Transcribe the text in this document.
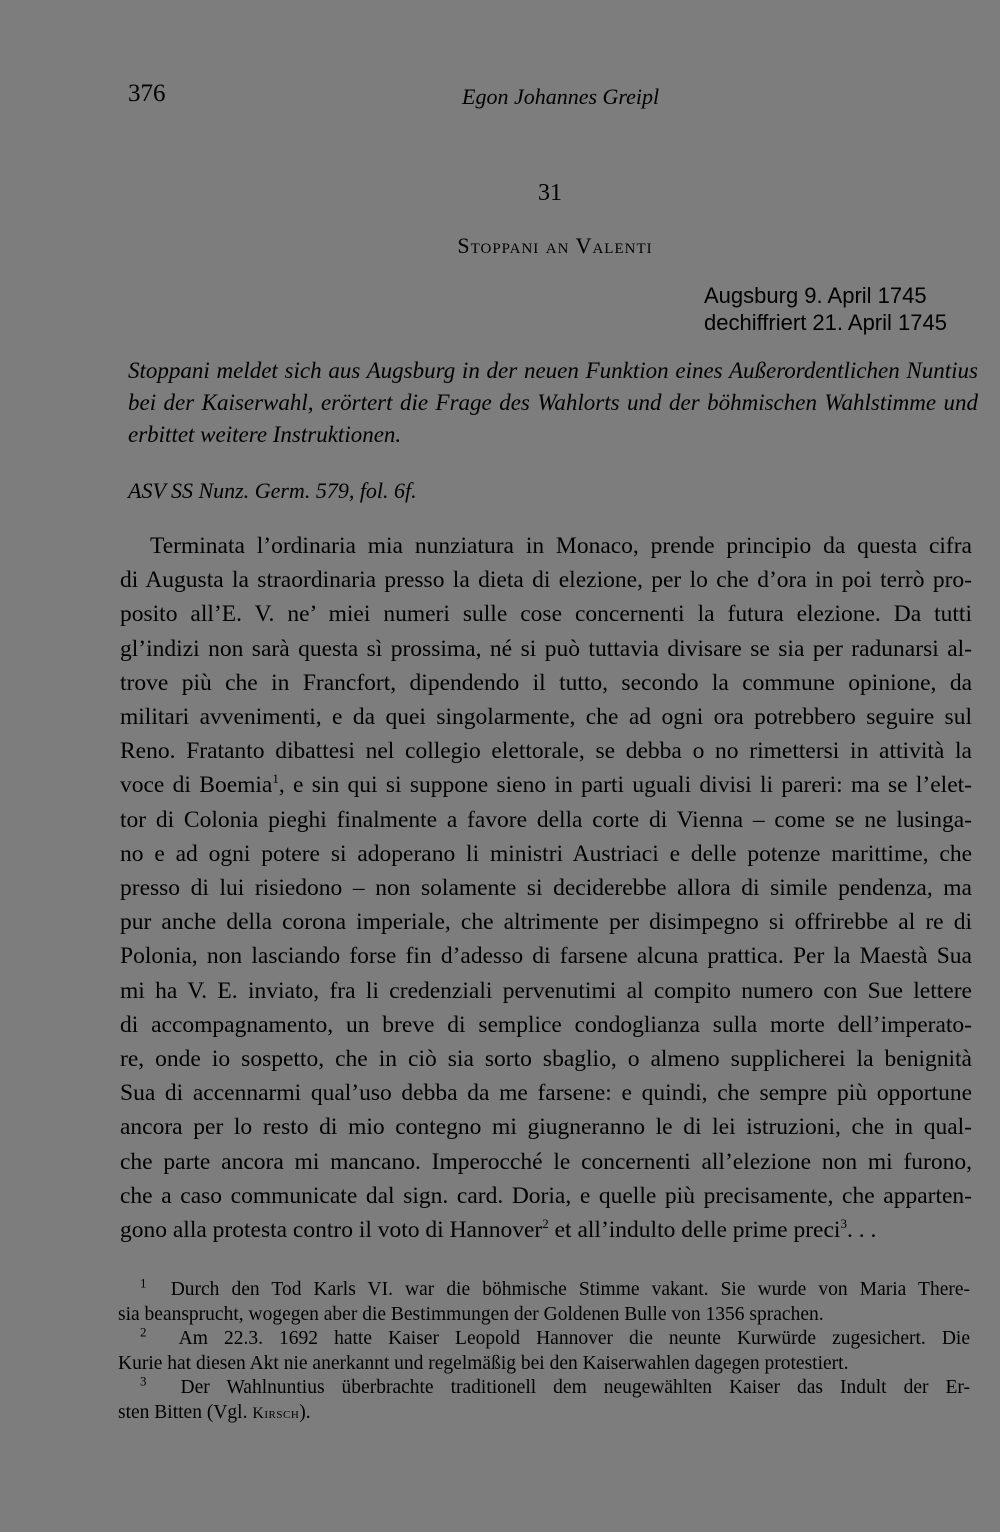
376	Egon Johannes Greipl
31
Stoppani an Valenti
Augsburg 9. April 1745
dechiffriert 21. April 1745
Stoppani meldet sich aus Augsburg in der neuen Funktion eines Außerordentlichen Nuntius bei der Kaiserwahl, erörtert die Frage des Wahlorts und der böhmischen Wahlstimme und erbittet weitere Instruktionen.
ASV SS Nunz. Germ. 579, fol. 6f.
Terminata l’ordinaria mia nunziatura in Monaco, prende principio da questa cifra
di Augusta la straordinaria presso la dieta di elezione, per lo che d’ora in poi terrò pro-
posito all’E. V. ne’ miei numeri sulle cose concernenti la futura elezione. Da tutti
gl’indizi non sarà questa sì prossima, né si può tuttavia divisare se sia per radunarsi al-
trove più che in Francfort, dipendendo il tutto, secondo la commune opinione, da
militari avvenimenti, e da quei singolarmente, che ad ogni ora potrebbero seguire sul
Reno. Fratanto dibattesi nel collegio elettorale, se debba o no rimettersi in attività la
voce di Boemia$^1$, e sin qui si suppone sieno in parti uguali divisi li pareri: ma se l’elet-
tor di Colonia pieghi finalmente a favore della corte di Vienna – come se ne lusinga-
no e ad ogni potere si adoperano li ministri Austriaci e delle potenze marittime, che
presso di lui risiedono – non solamente si deciderebbe allora di simile pendenza, ma
pur anche della corona imperiale, che altrimente per disimpegno si offrirebbe al re di
Polonia, non lasciando forse fin d’adesso di farsene alcuna prattica. Per la Maestà Sua
mi ha V. E. inviato, fra li credenziali pervenutimi al compito numero con Sue lettere
di accompagnamento, un breve di semplice condoglianza sulla morte dell’imperato-
re, onde io sospetto, che in ciò sia sorto sbaglio, o almeno supplicherei la benignità
Sua di accennarmi qual’uso debba da me farsene: e quindi, che sempre più opportune
ancora per lo resto di mio contegno mi giugneranno le di lei istruzioni, che in qual-
che parte ancora mi mancano. Imperocché le concernenti all’elezione non mi furono,
che a caso communicate dal sign. card. Doria, e quelle più precisamente, che apparten-
gono alla protesta contro il voto di Hannover$^2$ et all’indulto delle prime preci$^3$. . .
$^1$ Durch den Tod Karls VI. war die böhmische Stimme vakant. Sie wurde von Maria There-
sia beansprucht, wogegen aber die Bestimmungen der Goldenen Bulle von 1356 sprachen.
$^2$ Am 22.3. 1692 hatte Kaiser Leopold Hannover die neunte Kurwürde zugesichert. Die
Kurie hat diesen Akt nie anerkannt und regelmäßig bei den Kaiserwahlen dagegen protestiert.
$^3$ Der Wahlnuntius überbrachte traditionell dem neugewählten Kaiser das Indult der Er-
sten Bitten (Vgl. Kirsch).
